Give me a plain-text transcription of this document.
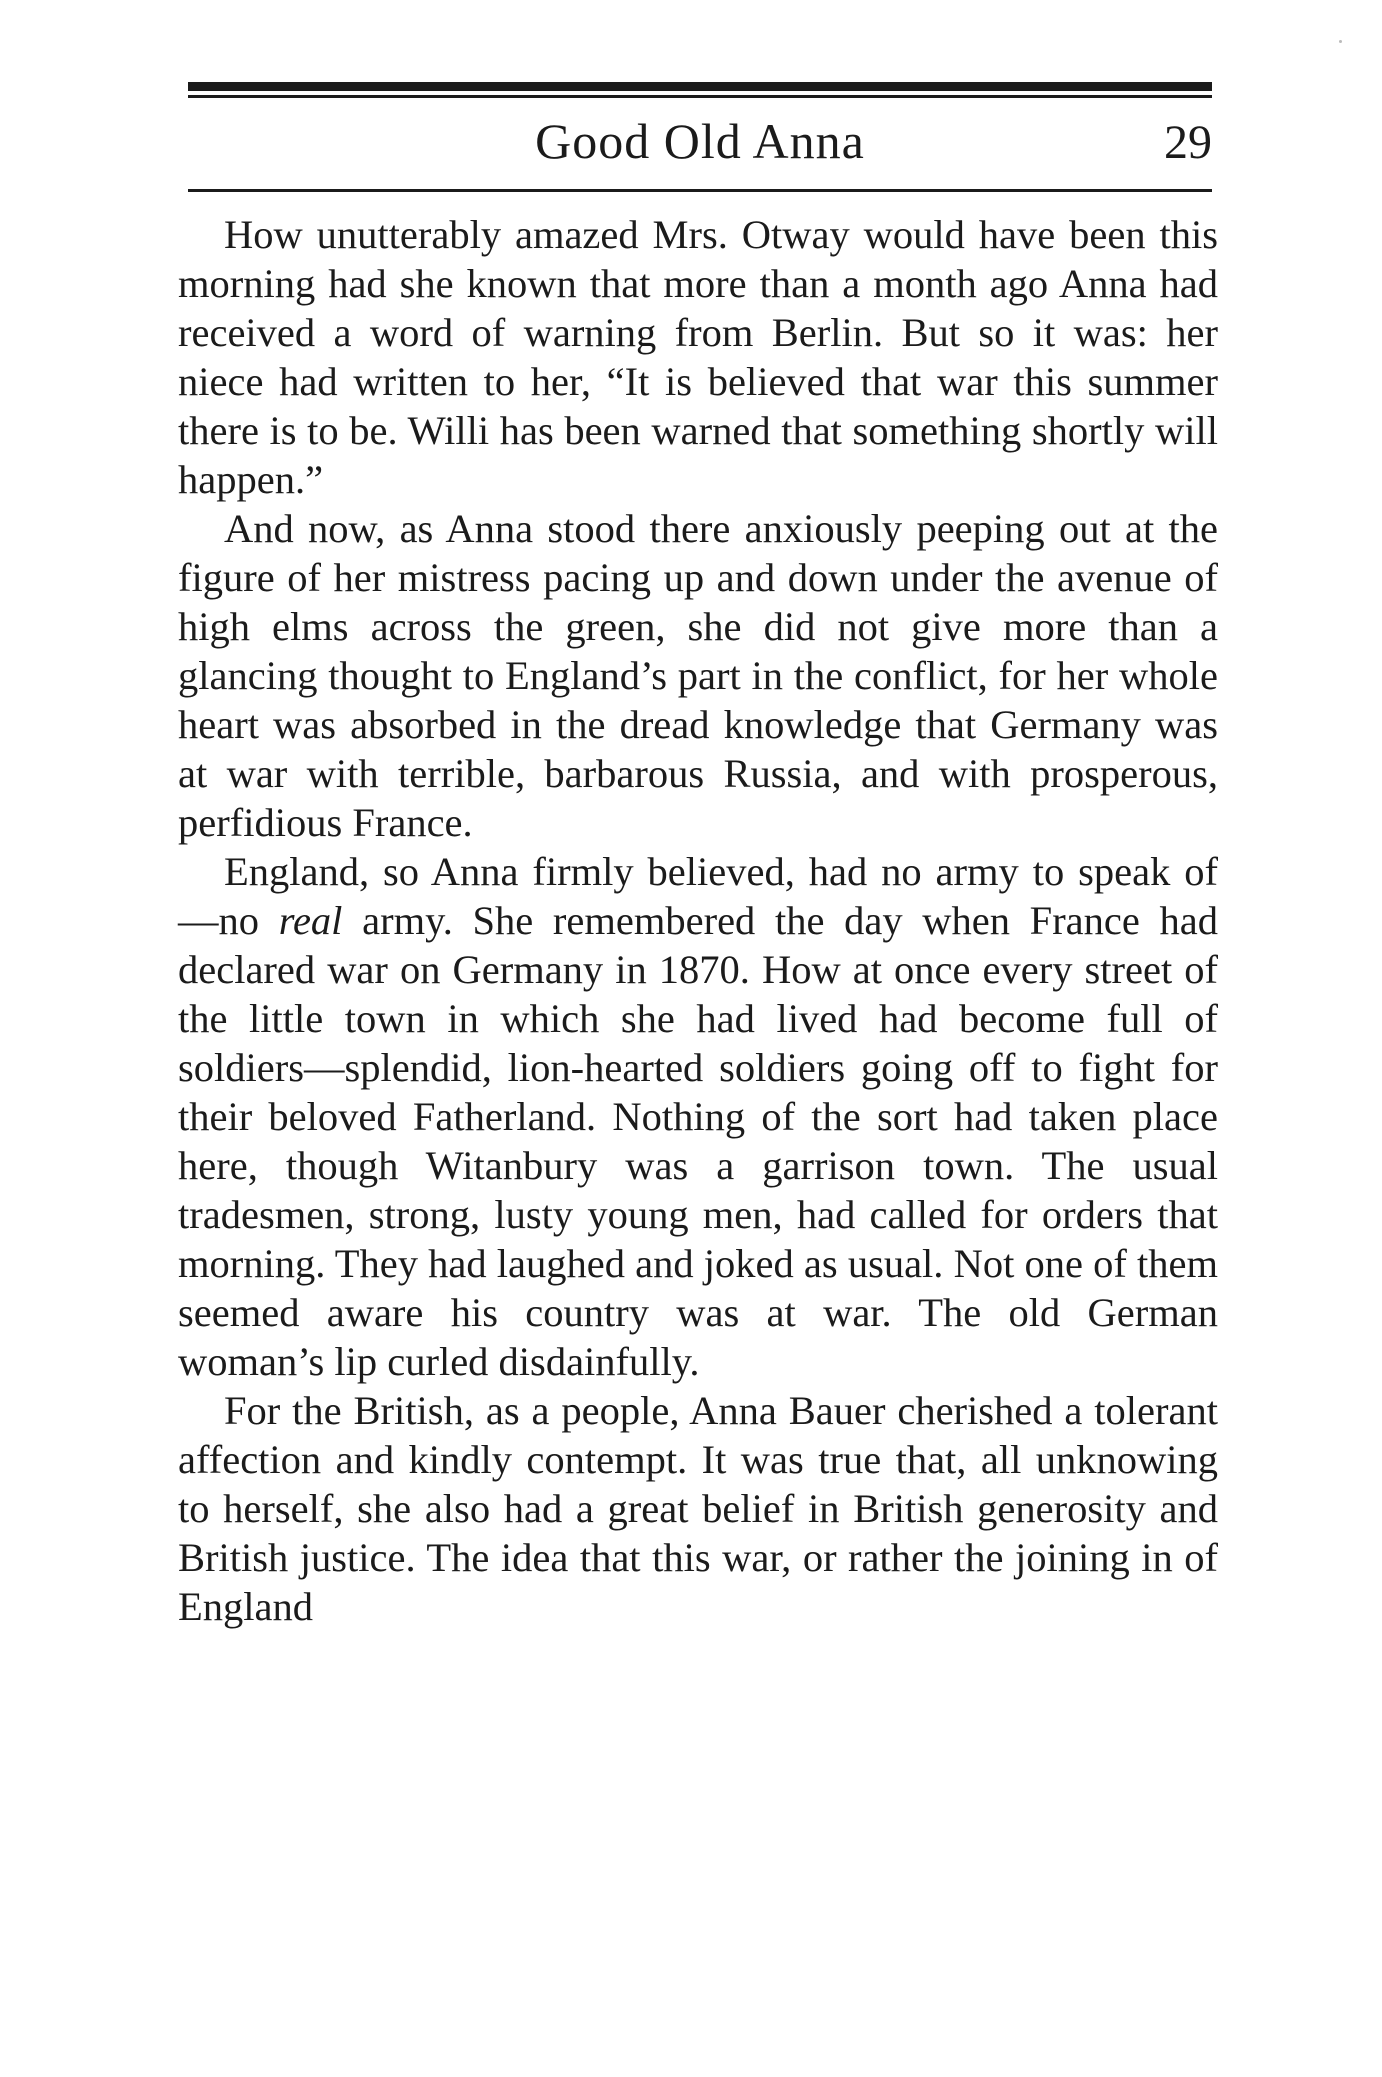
Good Old Anna	29

How unutterably amazed Mrs. Otway would have been this morning had she known that more than a month ago Anna had received a word of warning from Berlin. But so it was: her niece had written to her, “It is believed that war this summer there is to be. Willi has been warned that something shortly will happen.”

And now, as Anna stood there anxiously peeping out at the figure of her mistress pacing up and down under the avenue of high elms across the green, she did not give more than a glancing thought to England’s part in the conflict, for her whole heart was absorbed in the dread knowledge that Germany was at war with terrible, barbarous Russia, and with prosperous, perfidious France.

England, so Anna firmly believed, had no army to speak of—no real army. She remembered the day when France had declared war on Germany in 1870. How at once every street of the little town in which she had lived had become full of soldiers—splendid, lion-hearted soldiers going off to fight for their beloved Fatherland. Nothing of the sort had taken place here, though Witanbury was a garrison town. The usual tradesmen, strong, lusty young men, had called for orders that morning. They had laughed and joked as usual. Not one of them seemed aware his country was at war. The old German woman’s lip curled disdainfully.

For the British, as a people, Anna Bauer cherished a tolerant affection and kindly contempt. It was true that, all unknowing to herself, she also had a great belief in British generosity and British justice. The idea that this war, or rather the joining in of England
